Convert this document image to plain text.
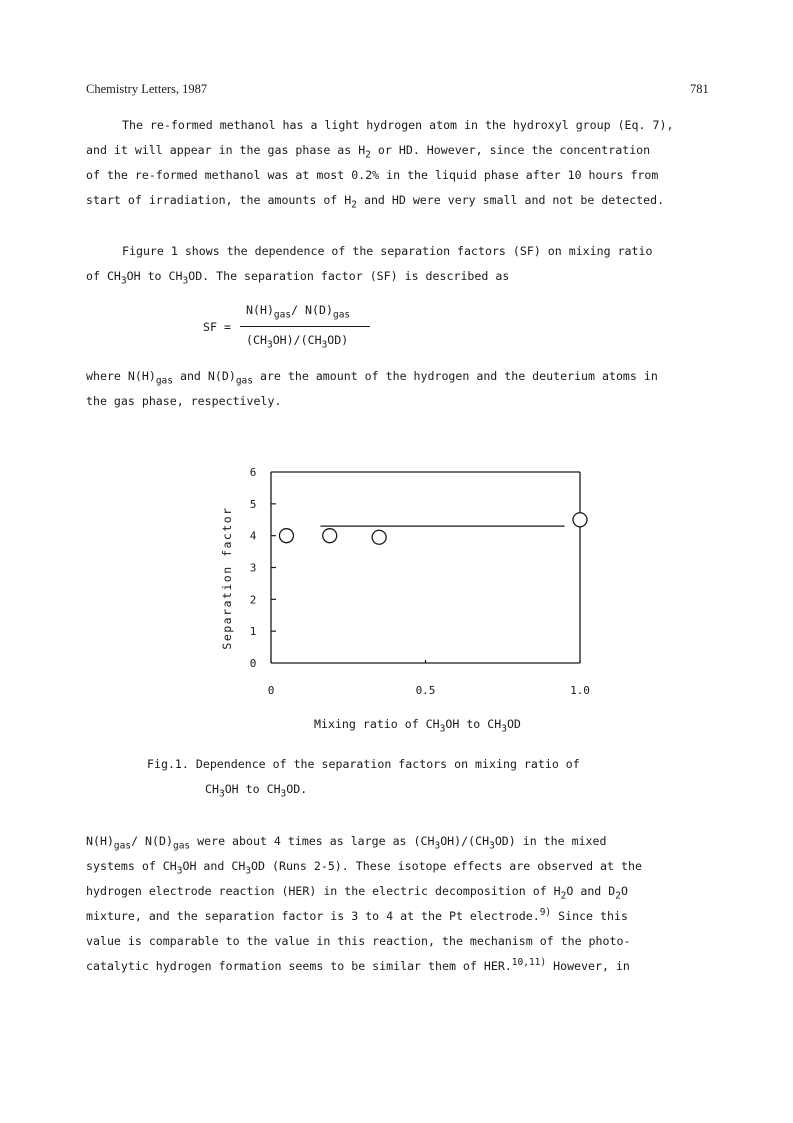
Chemistry Letters, 1987	781
The re-formed methanol has a light hydrogen atom in the hydroxyl group (Eq. 7),
and it will appear in the gas phase as $H_2$ or HD. However, since the concentration
of the re-formed methanol was at most 0.2% in the liquid phase after 10 hours from
start of irradiation, the amounts of $H_2$ and HD were very small and not be detected.
Figure 1 shows the dependence of the separation factors (SF) on mixing ratio
of $CH_3OH$ to $CH_3OD$. The separation factor (SF) is described as
SF =
$N(H)_{gas}/$ $N(D)_{gas}$
$(CH_3OH)/(CH_3OD)$
where $N(H)_{gas}$ and $N(D)_{gas}$ are the amount of the hydrogen and the deuterium atoms in
the gas phase, respectively.
0
1
2
3
4
5
6
0	0.5	1.0
Separation factor
Mixing ratio of $CH_3OH$ to $CH_3OD$
Fig.1. Dependence of the separation factors on mixing ratio of
$CH_3OH$ to $CH_3OD$.
$N(H)_{gas}/$ $N(D)_{gas}$ were about 4 times as large as $(CH_3OH)/(CH_3OD)$ in the mixed
systems of $CH_3OH$ and $CH_3OD$ (Runs 2-5). These isotope effects are observed at the
hydrogen electrode reaction (HER) in the electric decomposition of $H_2O$ and $D_2O$
mixture, and the separation factor is 3 to 4 at the Pt electrode.$^{9)}$ Since this
value is comparable to the value in this reaction, the mechanism of the photo-
catalytic hydrogen formation seems to be similar them of HER.$^{10,11)}$ However, in
